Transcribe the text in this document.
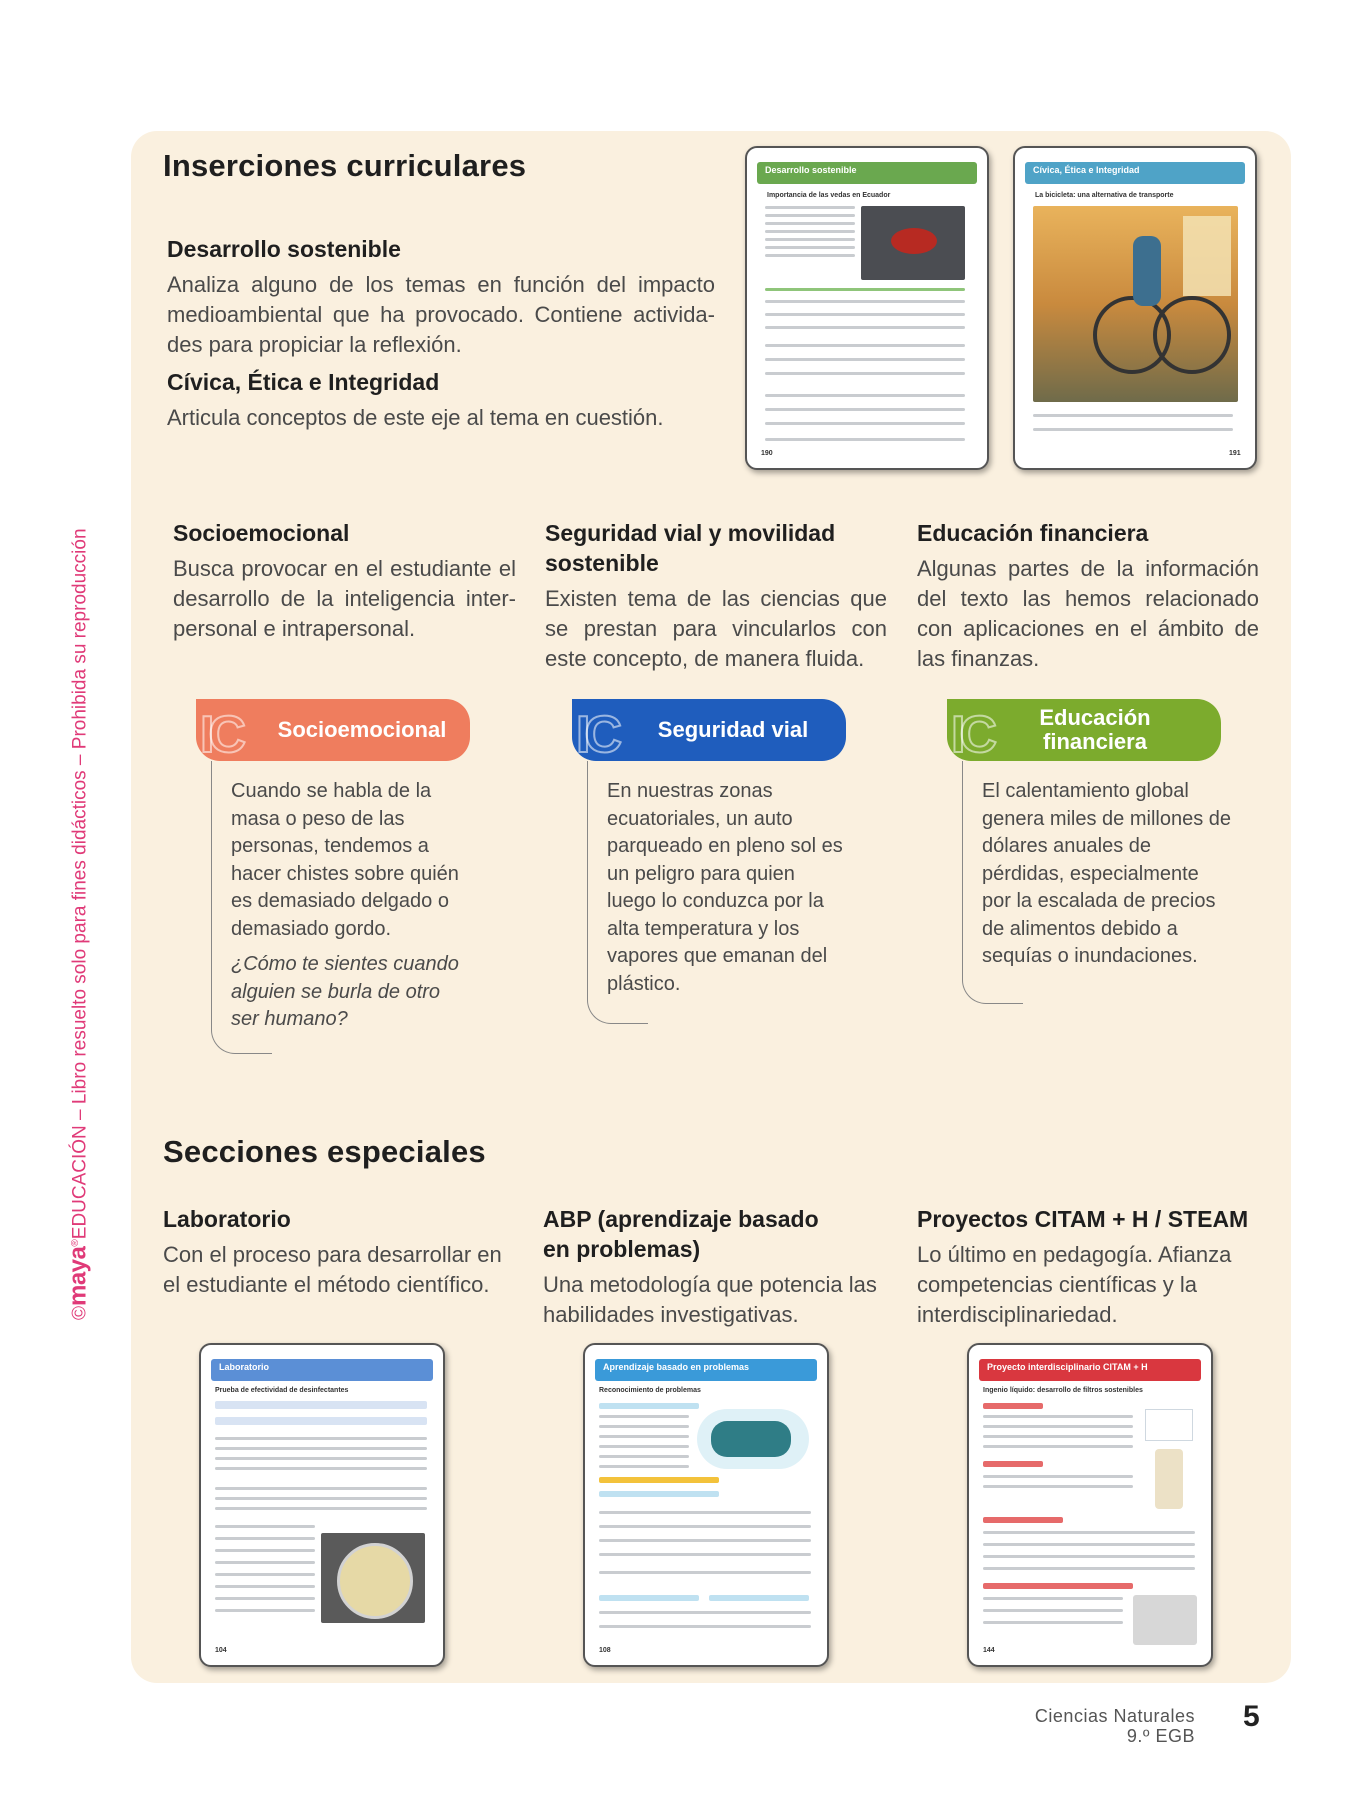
©maya®EDUCACIÓN – Libro resuelto solo para fines didácticos – Prohibida su reproducción
Inserciones curriculares
Desarrollo sostenible
Analiza alguno de los temas en función del impacto medioambiental que ha provocado. Contiene activida-des para propiciar la reflexión.
Cívica, Ética e Integridad
Articula conceptos de este eje al tema en cuestión.
Desarrollo sostenible
Importancia de las vedas en Ecuador
190
Cívica, Ética e Integridad
La bicicleta: una alternativa de transporte
191
Socioemocional
Busca provocar en el estudiante el desarrollo de la inteligencia inter-personal e intrapersonal.
Seguridad vial y movilidad sostenible
Existen tema de las ciencias que se prestan para vincularlos con este concepto, de manera fluida.
Educación financiera
Algunas partes de la información del texto las hemos relacionado con aplicaciones en el ámbito de las finanzas.
IC	Socioemocional
Cuando se habla de la masa o peso de las personas, tendemos a hacer chistes sobre quién es demasiado delgado o demasiado gordo.
¿Cómo te sientes cuando alguien se burla de otro ser humano?
IC	Seguridad vial
En nuestras zonas ecuatoriales, un auto parqueado en pleno sol es un peligro para quien luego lo conduzca por la alta temperatura y los vapores que emanan del plástico.
IC Educación financiera
El calentamiento global genera miles de millones de dólares anuales de pérdidas, especialmente por la escalada de precios de alimentos debido a sequías o inundaciones.
Secciones especiales
Laboratorio
Con el proceso para desarrollar en el estudiante el método científico.
ABP (aprendizaje basado en problemas)
Una metodología que potencia las habilidades investigativas.
Proyectos CITAM + H / STEAM
Lo último en pedagogía. Afianza competencias científicas y la interdisciplinariedad.
Laboratorio
Prueba de efectividad de desinfectantes
104
Aprendizaje basado en problemas
Reconocimiento de problemas
108
Proyecto interdisciplinario CITAM + H
Ingenio líquido: desarrollo de filtros sostenibles
144
Ciencias Naturales
9.º EGB
5
